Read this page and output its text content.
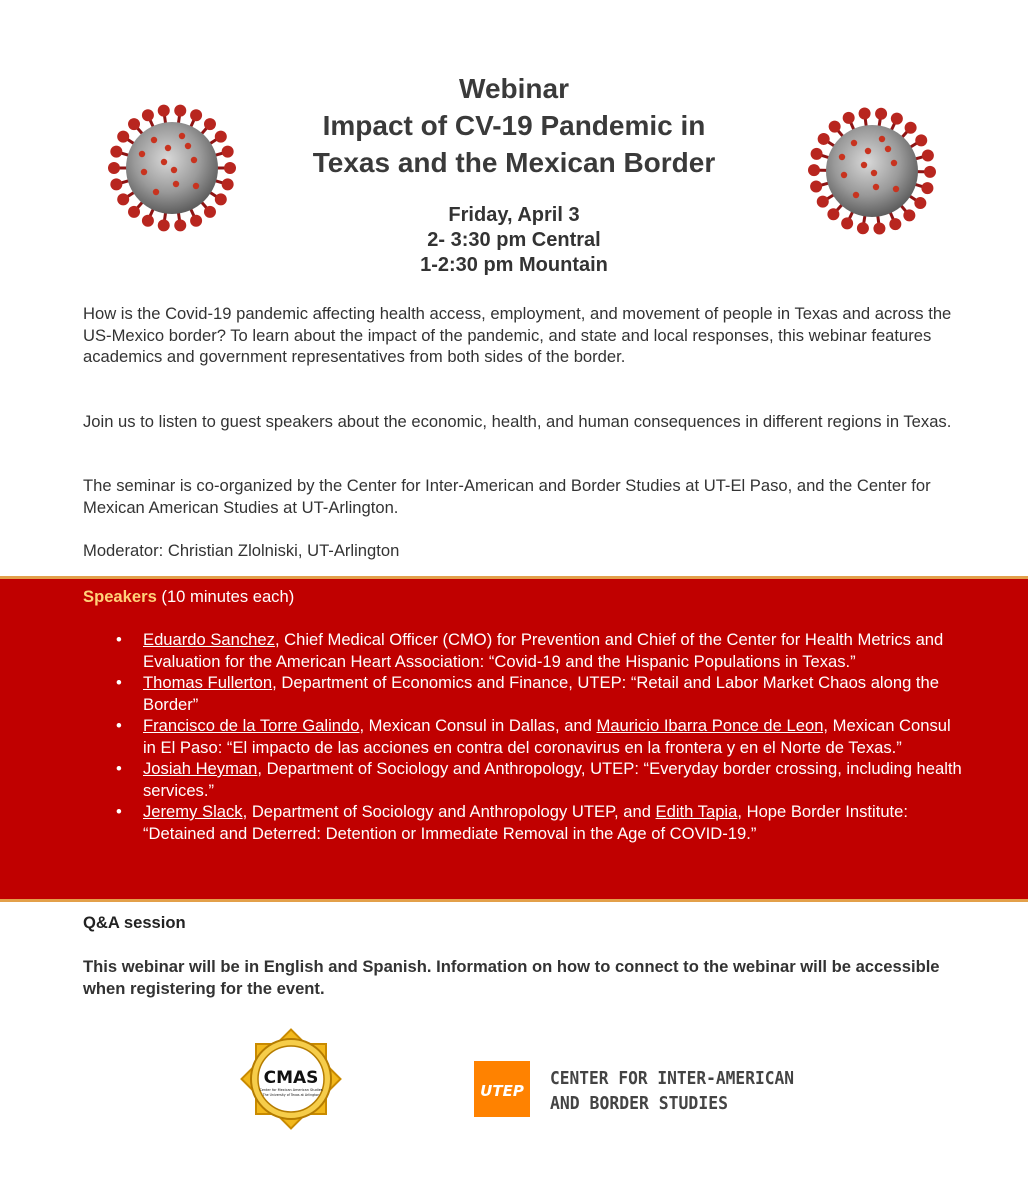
Webinar
Impact of CV-19 Pandemic in
Texas and the Mexican Border
Friday, April 3
2- 3:30 pm Central
1-2:30 pm Mountain

How is the Covid-19 pandemic affecting health access, employment, and movement of people in Texas and across the US-Mexico border? To learn about the impact of the pandemic, and state and local responses, this webinar features academics and government representatives from both sides of the border.

Join us to listen to guest speakers about the economic, health, and human consequences in different regions in Texas.

The seminar is co-organized by the Center for Inter-American and Border Studies at UT-El Paso, and the Center for Mexican American Studies at UT-Arlington.

Moderator: Christian Zlolniski, UT-Arlington

Speakers (10 minutes each)
• Eduardo Sanchez, Chief Medical Officer (CMO) for Prevention and Chief of the Center for Health Metrics and Evaluation for the American Heart Association: “Covid-19 and the Hispanic Populations in Texas.”
• Thomas Fullerton, Department of Economics and Finance, UTEP: “Retail and Labor Market Chaos along the Border”
• Francisco de la Torre Galindo, Mexican Consul in Dallas, and Mauricio Ibarra Ponce de Leon, Mexican Consul in El Paso: “El impacto de las acciones en contra del coronavirus en la frontera y en el Norte de Texas.”
• Josiah Heyman, Department of Sociology and Anthropology, UTEP: “Everyday border crossing, including health services.”
• Jeremy Slack, Department of Sociology and Anthropology UTEP, and Edith Tapia, Hope Border Institute: “Detained and Deterred: Detention or Immediate Removal in the Age of COVID-19.”
Q&A session
This webinar will be in English and Spanish. Information on how to connect to the webinar will be accessible when registering for the event.
CMAS
Center for Mexican American Studies
The University of Texas at Arlington	UTEP
CENTER FOR INTER-AMERICAN
AND BORDER STUDIES
